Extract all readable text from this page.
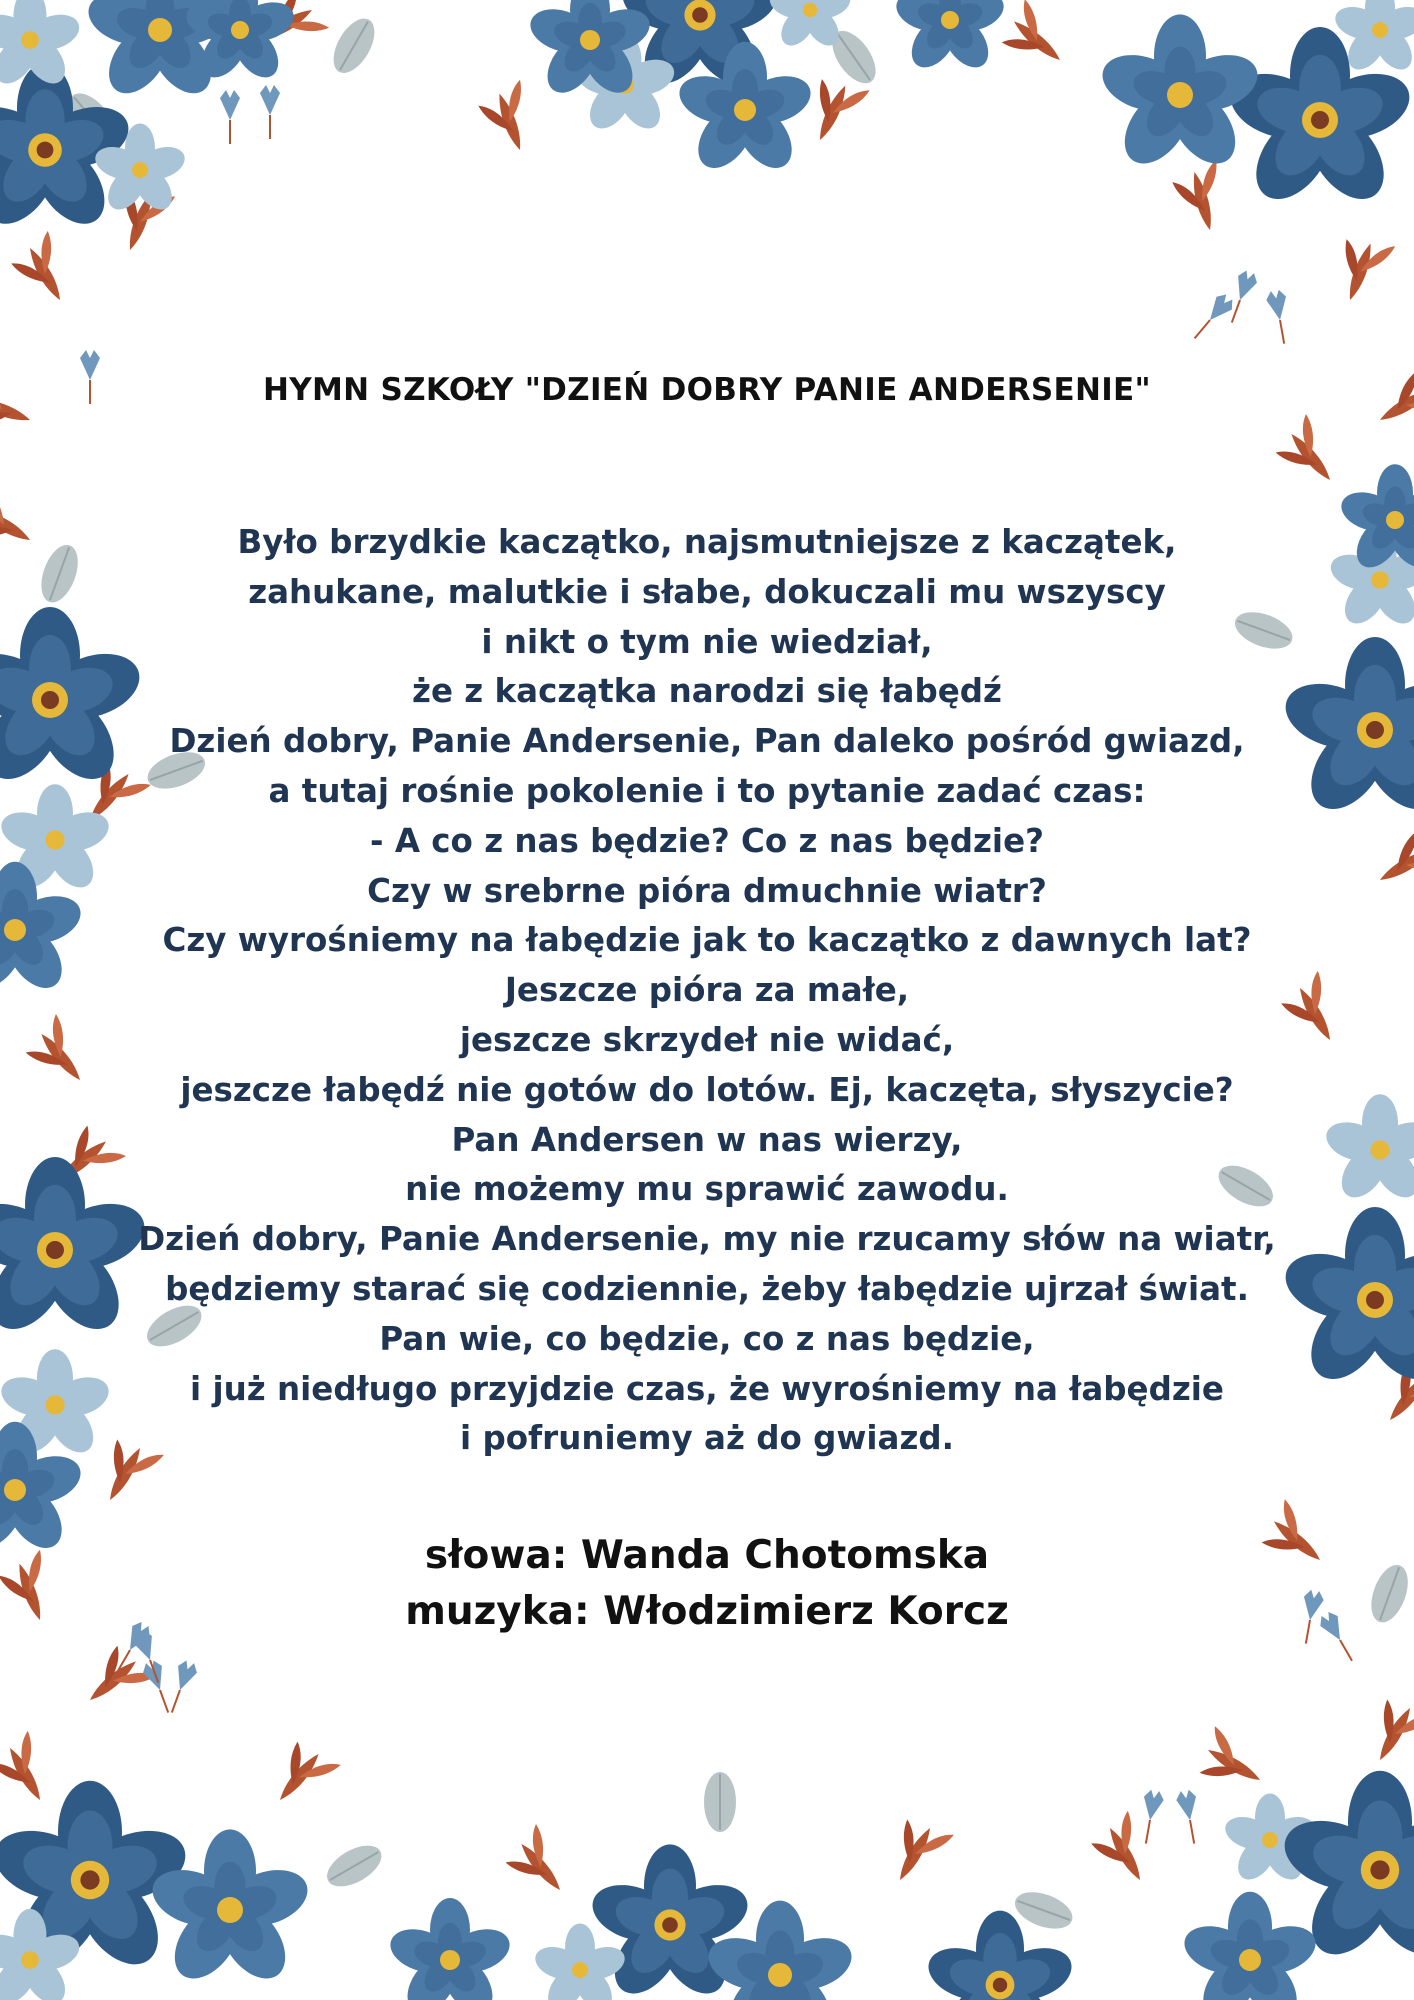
HYMN SZKOŁY "DZIEŃ DOBRY PANIE ANDERSENIE"
Było brzydkie kaczątko, najsmutniejsze z kaczątek,
zahukane, malutkie i słabe, dokuczali mu wszyscy
i nikt o tym nie wiedział,
że z kaczątka narodzi się łabędź
Dzień dobry, Panie Andersenie, Pan daleko pośród gwiazd,
a tutaj rośnie pokolenie i to pytanie zadać czas:
- A co z nas będzie? Co z nas będzie?
Czy w srebrne pióra dmuchnie wiatr?
Czy wyrośniemy na łabędzie jak to kaczątko z dawnych lat?
Jeszcze pióra za małe,
jeszcze skrzydeł nie widać,
jeszcze łabędź nie gotów do lotów. Ej, kaczęta, słyszycie?
Pan Andersen w nas wierzy,
nie możemy mu sprawić zawodu.
Dzień dobry, Panie Andersenie, my nie rzucamy słów na wiatr,
będziemy starać się codziennie, żeby łabędzie ujrzał świat.
Pan wie, co będzie, co z nas będzie,
i już niedługo przyjdzie czas, że wyrośniemy na łabędzie
i pofruniemy aż do gwiazd.
słowa: Wanda Chotomska
muzyka: Włodzimierz Korcz
